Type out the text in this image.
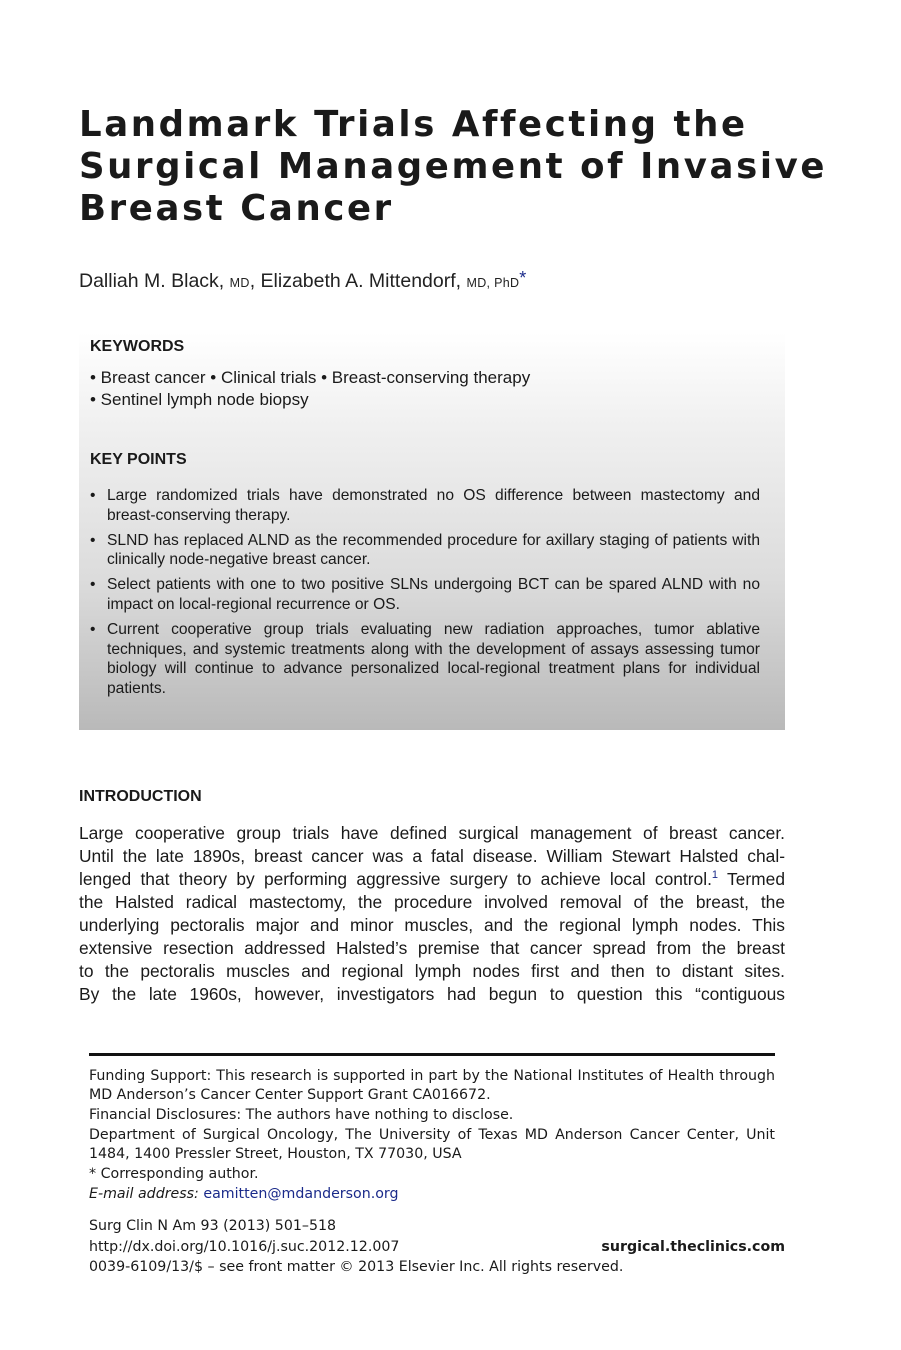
Landmark Trials Affecting the
Surgical Management of Invasive
Breast Cancer
Dalliah M. Black, MD, Elizabeth A. Mittendorf, MD, PhD*
KEYWORDS
• Breast cancer • Clinical trials • Breast-conserving therapy
• Sentinel lymph node biopsy
KEY POINTS
• Large randomized trials have demonstrated no OS difference between mastectomy and breast-conserving therapy.
• SLND has replaced ALND as the recommended procedure for axillary staging of patients with clinically node-negative breast cancer.
• Select patients with one to two positive SLNs undergoing BCT can be spared ALND with no impact on local-regional recurrence or OS.
• Current cooperative group trials evaluating new radiation approaches, tumor ablative techniques, and systemic treatments along with the development of assays assessing tumor biology will continue to advance personalized local-regional treatment plans for individual patients.
INTRODUCTION
Large cooperative group trials have defined surgical management of breast cancer.
Until the late 1890s, breast cancer was a fatal disease. William Stewart Halsted chal-
lenged that theory by performing aggressive surgery to achieve local control.$^1$ Termed
the Halsted radical mastectomy, the procedure involved removal of the breast, the
underlying pectoralis major and minor muscles, and the regional lymph nodes. This
extensive resection addressed Halsted’s premise that cancer spread from the breast
to the pectoralis muscles and regional lymph nodes first and then to distant sites.
By the late 1960s, however, investigators had begun to question this “contiguous
Funding Support: This research is supported in part by the National Institutes of Health through MD Anderson’s Cancer Center Support Grant CA016672.
Financial Disclosures: The authors have nothing to disclose.
Department of Surgical Oncology, The University of Texas MD Anderson Cancer Center, Unit 1484, 1400 Pressler Street, Houston, TX 77030, USA
* Corresponding author.
E-mail address: eamitten@mdanderson.org
Surg Clin N Am 93 (2013) 501–518
http://dx.doi.org/10.1016/j.suc.2012.12.007	surgical.theclinics.com
0039-6109/13/$ – see front matter © 2013 Elsevier Inc. All rights reserved.
